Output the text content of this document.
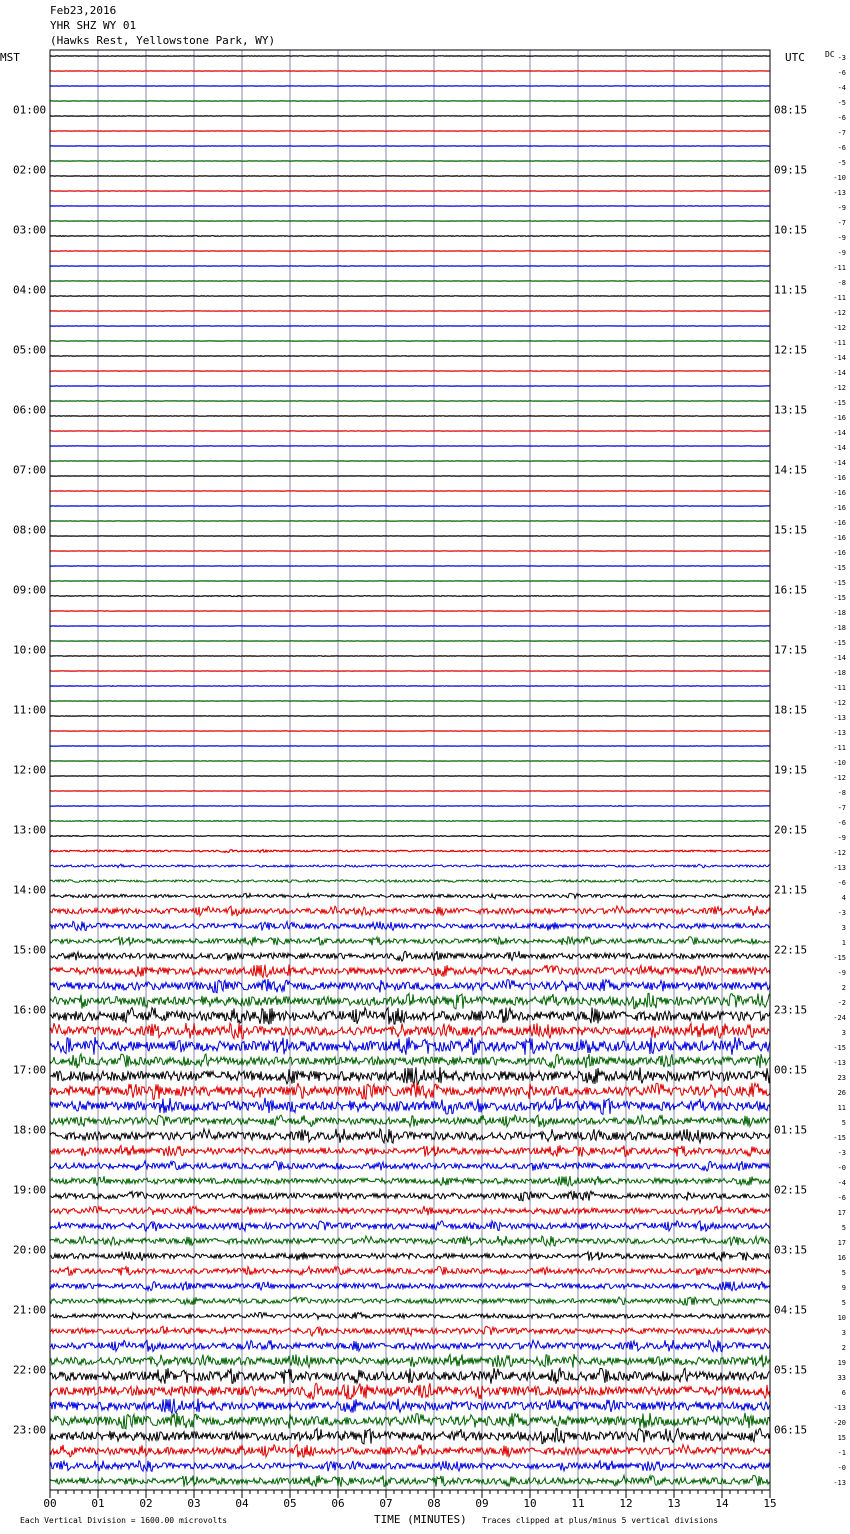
Feb23,2016
YHR SHZ WY 01
(Hawks Rest, Yellowstone Park, WY)
MST	UTC	DC
TIME (MINUTES)
Each Vertical Division = 1600.00 microvolts	Traces clipped at plus/minus 5 vertical divisions
01:00
02:00
03:00
04:00
05:00
06:00
07:00
08:00
09:00
10:00
11:00
12:00
13:00
14:00
15:00
16:00
17:00
18:00
19:00
20:00
21:00
22:00
23:00
08:15
09:15
10:15
11:15
12:15
13:15
14:15
15:15
16:15
17:15
18:15
19:15
20:15
21:15
22:15
23:15
00:15
01:15
02:15
03:15
04:15
05:15
06:15
-3
-6
-4
-5
-6
-7
-6
-5
-10
-13
-9
-7
-9
-9
-11
-8
-11
-12
-12
-11
-14
-14
-12
-15
-16
-14
-14
-14
-16
-16
-16
-16
-16
-16
-15
-15
-15
-18
-18
-15
-14
-18
-11
-12
-13
-13
-11
-10
-12
-8
-7
-6
-9
-12
-13
-6
4
-3
3
1
-15
-9
2
-2
-24
3
-15
-13
23
26
11
5
-15
-3
-0
-4
-6
17
5
17
16
5
9
5
10
3
2
19
33
6
-13
-20
15
-1
-0
-13
00	01	02	03	04	05	06	07	08	09	10	11	12	13	14	15
